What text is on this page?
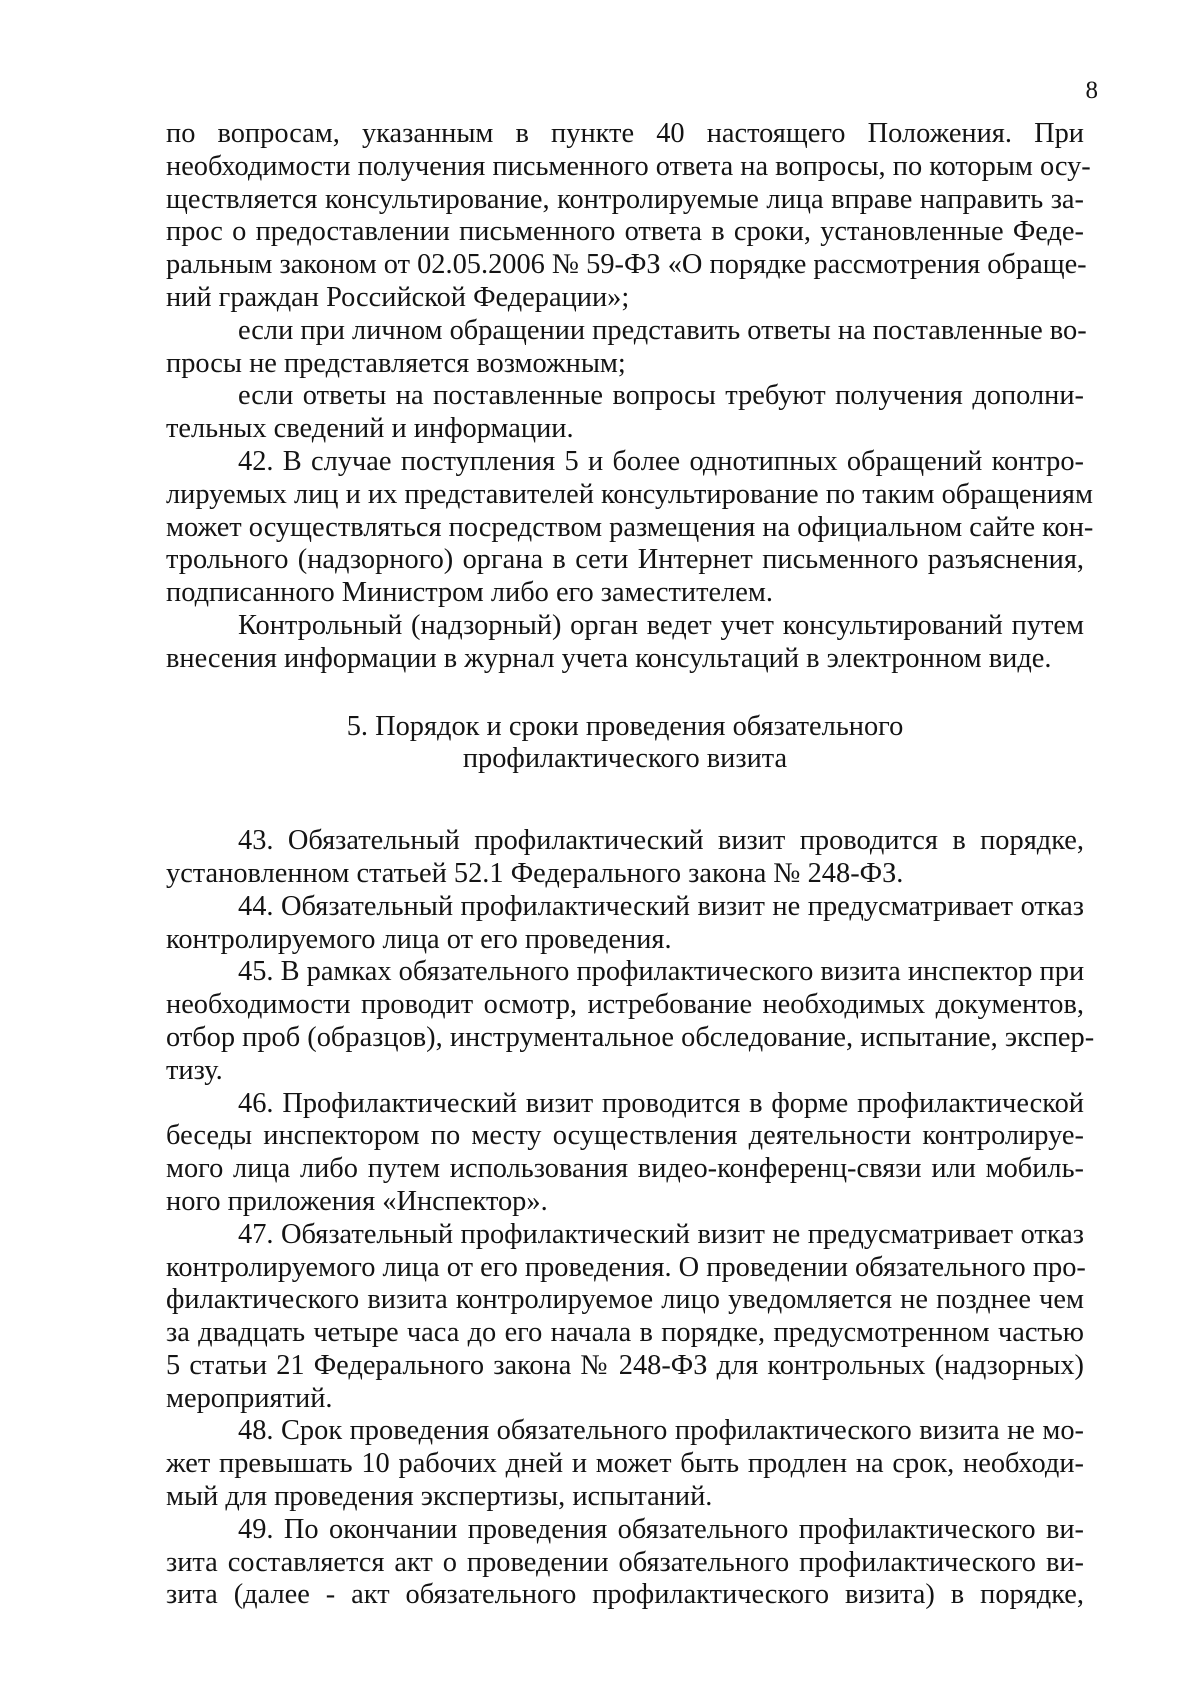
8

по вопросам, указанным в пункте 40 настоящего Положения. При
необходимости получения письменного ответа на вопросы, по которым осу-
ществляется консультирование, контролируемые лица вправе направить за-
прос о предоставлении письменного ответа в сроки, установленные Феде-
ральным законом от 02.05.2006 № 59-ФЗ «О порядке рассмотрения обраще-
ний граждан Российской Федерации»;

если при личном обращении представить ответы на поставленные во-
просы не представляется возможным;

если ответы на поставленные вопросы требуют получения дополни-
тельных сведений и информации.

42. В случае поступления 5 и более однотипных обращений контро-
лируемых лиц и их представителей консультирование по таким обращениям
может осуществляться посредством размещения на официальном сайте кон-
трольного (надзорного) органа в сети Интернет письменного разъяснения,
подписанного Министром либо его заместителем.

Контрольный (надзорный) орган ведет учет консультирований путем
внесения информации в журнал учета консультаций в электронном виде.

5. Порядок и сроки проведения обязательного
профилактического визита

43. Обязательный профилактический визит проводится в порядке,
установленном статьей 52.1 Федерального закона № 248-ФЗ.

44. Обязательный профилактический визит не предусматривает отказ
контролируемого лица от его проведения.

45. В рамках обязательного профилактического визита инспектор при
необходимости проводит осмотр, истребование необходимых документов,
отбор проб (образцов), инструментальное обследование, испытание, экспер-
тизу.

46. Профилактический визит проводится в форме профилактической
беседы инспектором по месту осуществления деятельности контролируе-
мого лица либо путем использования видео-конференц-связи или мобиль-
ного приложения «Инспектор».

47. Обязательный профилактический визит не предусматривает отказ
контролируемого лица от его проведения. О проведении обязательного про-
филактического визита контролируемое лицо уведомляется не позднее чем
за двадцать четыре часа до его начала в порядке, предусмотренном частью
5 статьи 21 Федерального закона № 248-ФЗ для контрольных (надзорных)
мероприятий.

48. Срок проведения обязательного профилактического визита не мо-
жет превышать 10 рабочих дней и может быть продлен на срок, необходи-
мый для проведения экспертизы, испытаний.

49. По окончании проведения обязательного профилактического ви-
зита составляется акт о проведении обязательного профилактического ви-
зита (далее - акт обязательного профилактического визита) в порядке,
